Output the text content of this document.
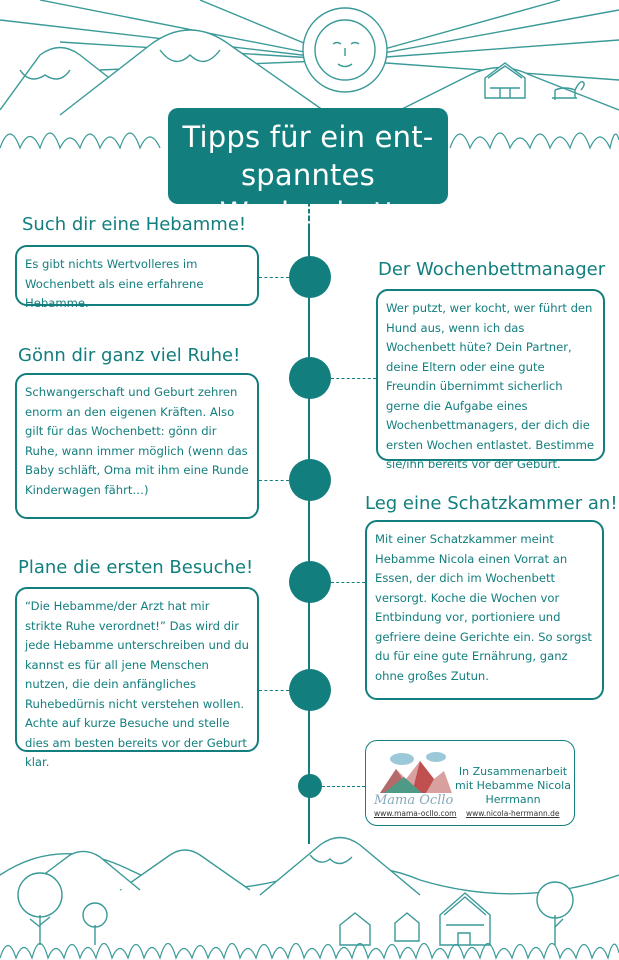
Tipps für ein ent-
spanntes Wochenbett
Such dir eine Hebamme!
Es gibt nichts Wertvolleres im Wochenbett als eine erfahrene Hebamme.
Der Wochenbettmanager
Wer putzt, wer kocht, wer führt den Hund aus, wenn ich das Wochenbett hüte? Dein Partner, deine Eltern oder eine gute Freundin übernimmt sicherlich gerne die Aufgabe eines Wochenbettmanagers, der dich die ersten Wochen entlastet. Bestimme sie/ihn bereits vor der Geburt.
Gönn dir ganz viel Ruhe!
Schwangerschaft und Geburt zehren enorm an den eigenen Kräften. Also gilt für das Wochenbett: gönn dir Ruhe, wann immer möglich (wenn das Baby schläft, Oma mit ihm eine Runde Kinderwagen fährt…)
Leg eine Schatzkammer an!
Mit einer Schatzkammer meint Hebamme Nicola einen Vorrat an Essen, der dich im Wochenbett versorgt. Koche die Wochen vor Entbindung vor, portioniere und gefriere deine Gerichte ein. So sorgst du für eine gute Ernährung, ganz ohne großes Zutun.
Plane die ersten Besuche!
“Die Hebamme/der Arzt hat mir strikte Ruhe verordnet!” Das wird dir jede Hebamme unterschreiben und du kannst es für all jene Menschen nutzen, die dein anfängliches Ruhebedürnis nicht verstehen wollen. Achte auf kurze Besuche und stelle dies am besten bereits vor der Geburt klar.
Mama Ocllo
In Zusammenarbeit mit Hebamme Nicola Herrmann
www.mama-ocllo.com www.nicola-herrmann.de
